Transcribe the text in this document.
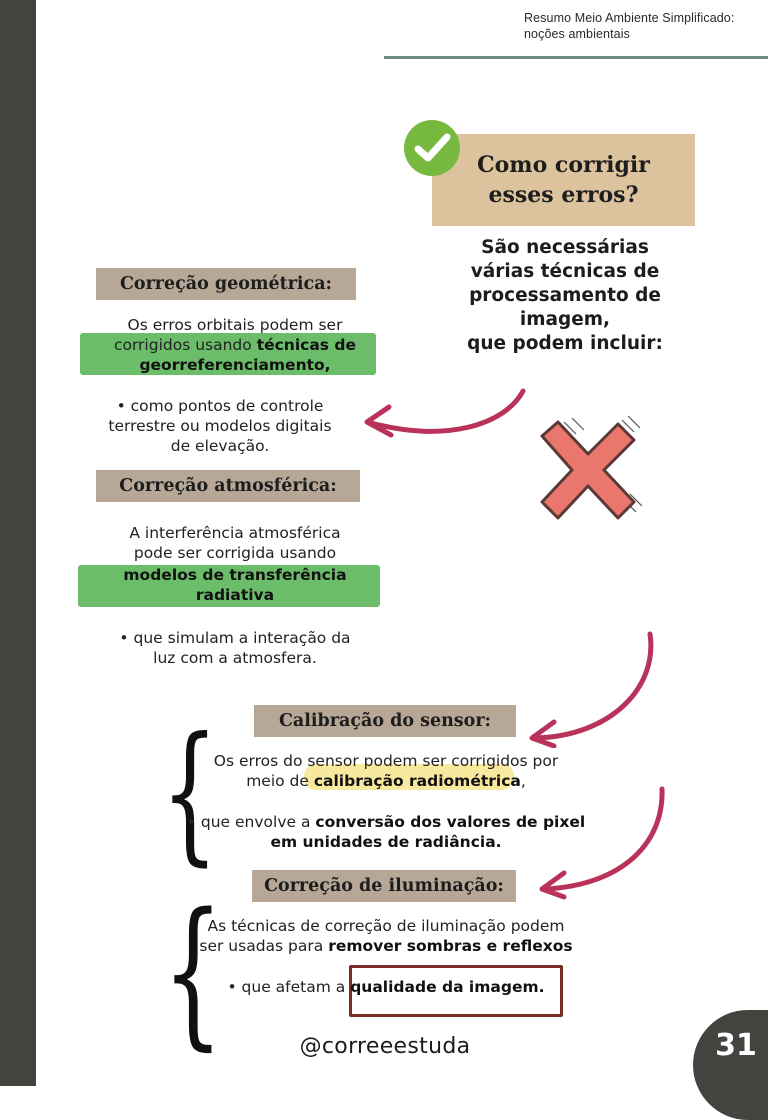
Resumo Meio Ambiente Simplificado:
noções ambientais
Como corrigir
esses erros?
São necessárias
várias técnicas de
processamento de
imagem,
que podem incluir:
Correção geométrica:
Os erros orbitais podem ser
corrigidos usando técnicas de
georreferenciamento,
• como pontos de controle
terrestre ou modelos digitais
de elevação.
Correção atmosférica:
A interferência atmosférica
pode ser corrigida usando
modelos de transferência
radiativa
• que simulam a interação da
luz com a atmosfera.
Calibração do sensor:
{
Os erros do sensor podem ser corrigidos por
meio de calibração radiométrica,
• que envolve a conversão dos valores de pixel
em unidades de radiância.
Correção de iluminação:
{
As técnicas de correção de iluminação podem
ser usadas para remover sombras e reflexos
• que afetam a qualidade da imagem.
@correeestuda	31
